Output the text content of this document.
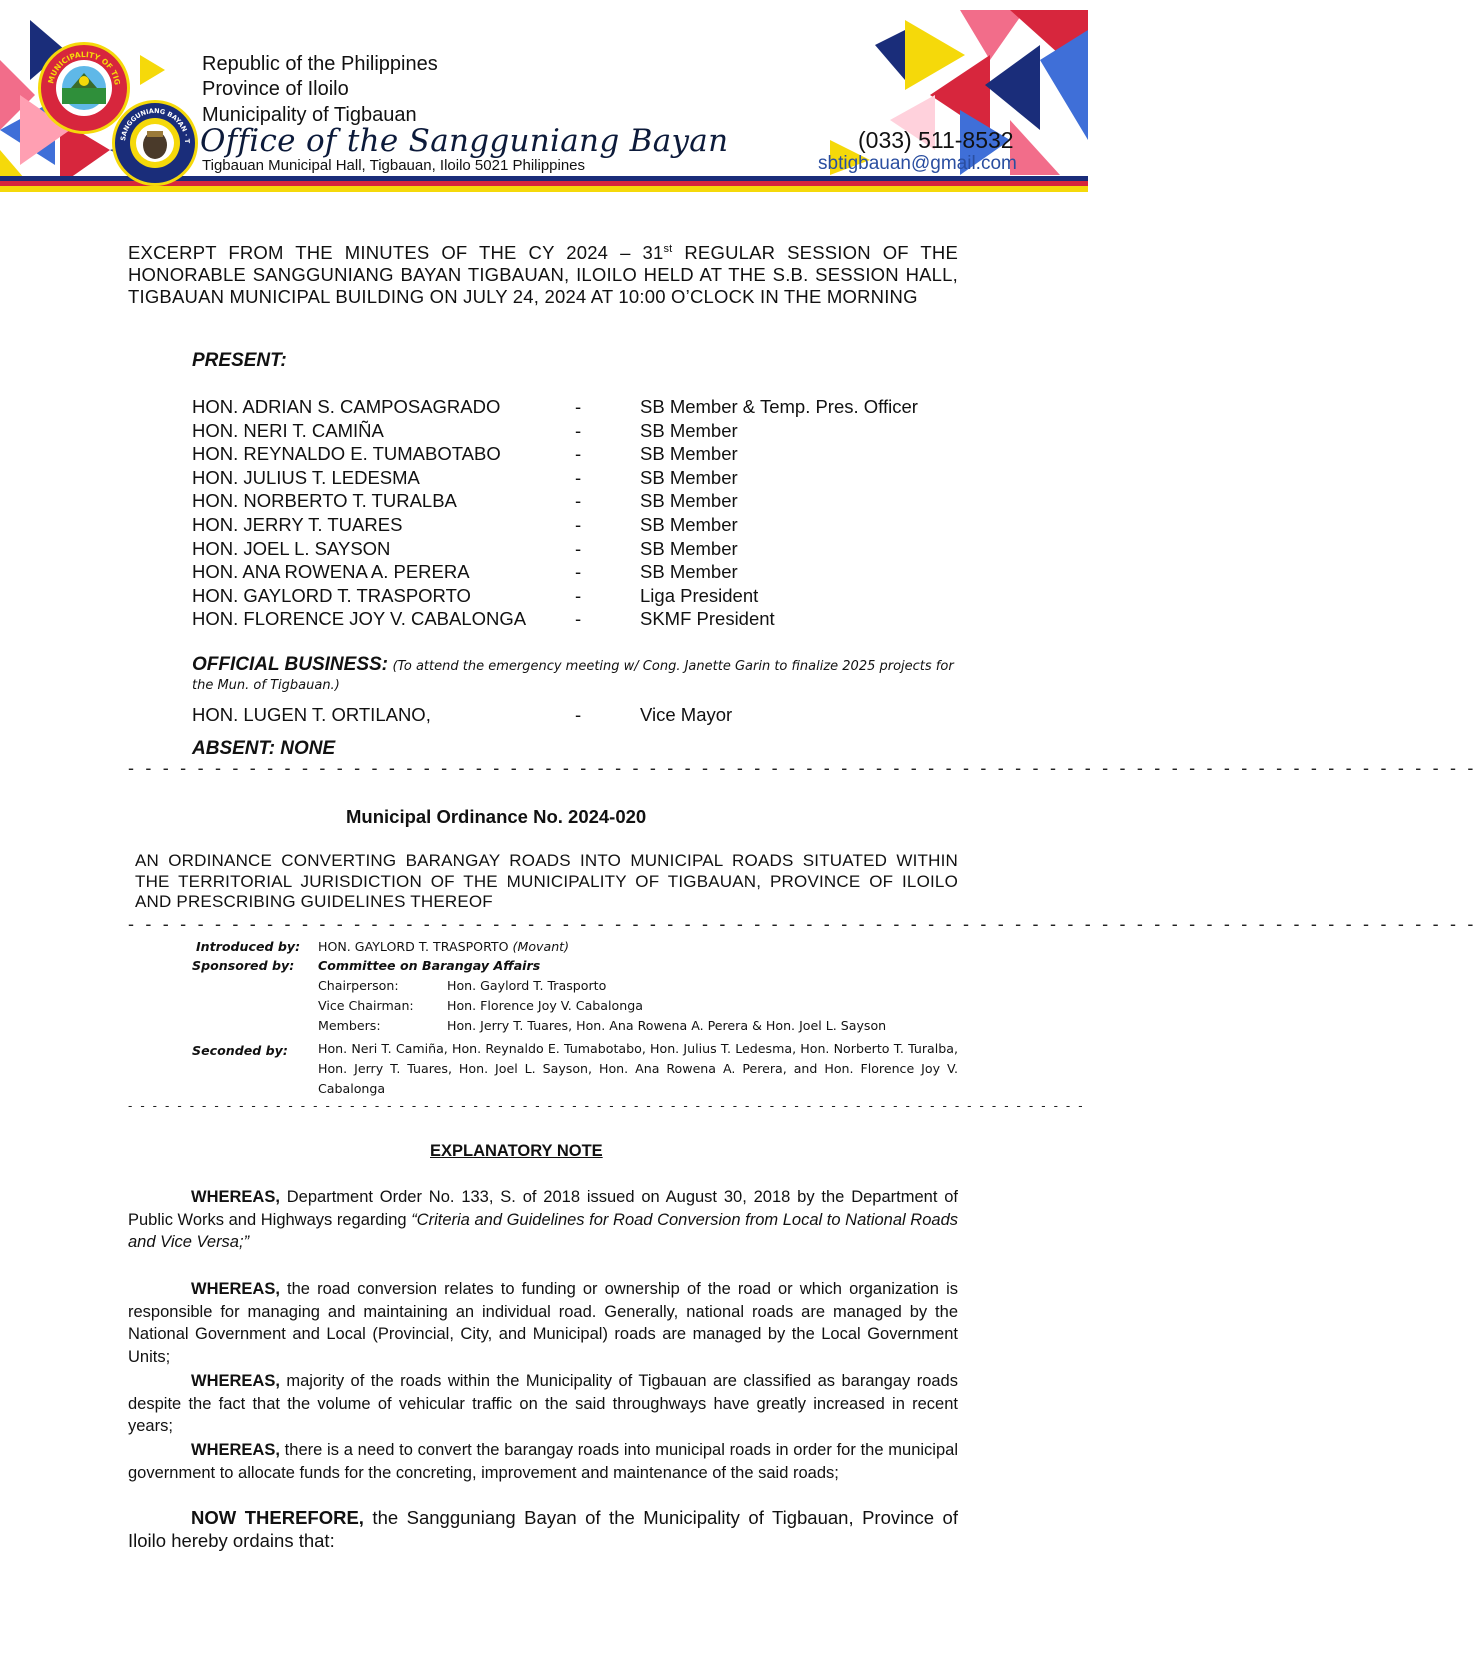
MUNICIPALITY OF TIG
SANGGUNIANG BAYAN · T
Republic of the Philippines
Province of Iloilo
Municipality of Tigbauan
Office of the Sangguniang Bayan
Tigbauan Municipal Hall, Tigbauan, Iloilo 5021 Philippines
(033) 511-8532
sbtigbauan@gmail.com
EXCERPT FROM THE MINUTES OF THE CY 2024 – 31st REGULAR SESSION OF THE HONORABLE SANGGUNIANG BAYAN TIGBAUAN, ILOILO HELD AT THE S.B. SESSION HALL, TIGBAUAN MUNICIPAL BUILDING ON JULY 24, 2024 AT 10:00 O’CLOCK IN THE MORNING
PRESENT:
HON. ADRIAN S. CAMPOSAGRADO	-	SB Member & Temp. Pres. Officer
HON. NERI T. CAMIÑA	-	SB Member
HON. REYNALDO E. TUMABOTABO	-	SB Member
HON. JULIUS T. LEDESMA	-	SB Member
HON. NORBERTO T. TURALBA	-	SB Member
HON. JERRY T. TUARES	-	SB Member
HON. JOEL L. SAYSON	-	SB Member
HON. ANA ROWENA A. PERERA	-	SB Member
HON. GAYLORD T. TRASPORTO	-	Liga President
HON. FLORENCE JOY V. CABALONGA	-	SKMF President
OFFICIAL BUSINESS: (To attend the emergency meeting w/ Cong. Janette Garin to finalize 2025 projects for
the Mun. of Tigbauan.)
HON. LUGEN T. ORTILANO,	-	Vice Mayor
ABSENT: NONE
- - - - - - - - - - - - - - - - - - - - - - - - - - - - - - - - - - - - - - - - - - - - - - - - - - - - - - - - - - - - - - - - - - - - - - - - - - - - - -
Municipal Ordinance No. 2024-020
AN ORDINANCE CONVERTING BARANGAY ROADS INTO MUNICIPAL ROADS SITUATED WITHIN THE TERRITORIAL JURISDICTION OF THE MUNICIPALITY OF TIGBAUAN, PROVINCE OF ILOILO AND PRESCRIBING GUIDELINES THEREOF
- - - - - - - - - - - - - - - - - - - - - - - - - - - - - - - - - - - - - - - - - - - - - - - - - - - - - - - - - - - - - - - - - - - - - - - - - - - - - -
Introduced by: HON. GAYLORD T. TRASPORTO (Movant)
Sponsored by: Committee on Barangay Affairs
Chairperson:	Hon. Gaylord T. Trasporto
Vice Chairman:	Hon. Florence Joy V. Cabalonga
Members:	Hon. Jerry T. Tuares, Hon. Ana Rowena A. Perera & Hon. Joel L. Sayson
Seconded by: Hon. Neri T. Camiña, Hon. Reynaldo E. Tumabotabo, Hon. Julius T. Ledesma, Hon. Norberto T. Turalba, Hon. Jerry T. Tuares, Hon. Joel L. Sayson, Hon. Ana Rowena A. Perera, and Hon. Florence Joy V. Cabalonga
- - - - - - - - - - - - - - - - - - - - - - - - - - - - - - - - - - - - - - - - - - - - - - - - - - - - - - - - - - - - - - - - - - - - - - - - - - - - - -
EXPLANATORY NOTE
WHEREAS, Department Order No. 133, S. of 2018 issued on August 30, 2018 by the Department of Public Works and Highways regarding “Criteria and Guidelines for Road Conversion from Local to National Roads and Vice Versa;”
WHEREAS, the road conversion relates to funding or ownership of the road or which organization is responsible for managing and maintaining an individual road. Generally, national roads are managed by the National Government and Local (Provincial, City, and Municipal) roads are managed by the Local Government Units;
WHEREAS, majority of the roads within the Municipality of Tigbauan are classified as barangay roads despite the fact that the volume of vehicular traffic on the said throughways have greatly increased in recent years;
WHEREAS, there is a need to convert the barangay roads into municipal roads in order for the municipal government to allocate funds for the concreting, improvement and maintenance of the said roads;
NOW THEREFORE, the Sangguniang Bayan of the Municipality of Tigbauan, Province of Iloilo hereby ordains that:
